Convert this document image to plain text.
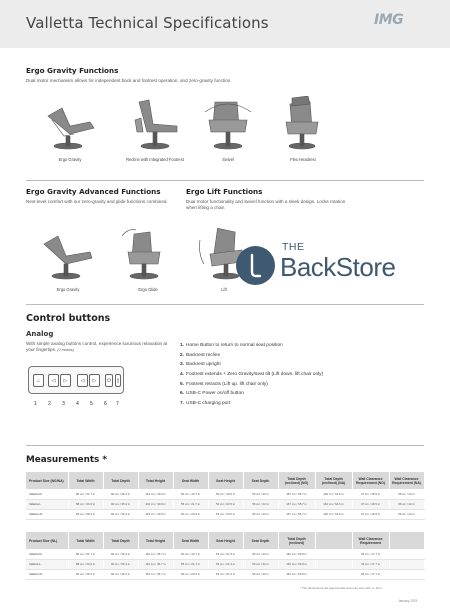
Valletta Technical Specifications	IMG
Ergo Gravity Functions
Dual motor mechanism allows for independent back and footrest operation, and zero-gravity function.
Ergo Gravity	Recline with Integrated Footrest	Swivel	Flex Headrest
Ergo Gravity Advanced Functions
Next-level comfort with our zero-gravity and glide functions combined.
Ergo Gravity	Ergo Glide
Ergo Lift Functions
Dual motor functionality and swivel function with a sleek design. Locks rotation when lifting a chair.
Lift
THE
BackStore
Control buttons
Analog
With simple analog buttons control, experience luxurious relaxation at your fingertips. (2 motors)
⌂	◁	▷	◁	▷	⏻	▯
1 2 3 4 5 6 7
1. Home Button to return to normal seat position
2. Backrest recline
3. Backrest upright
4. Footrest extends + Zero Gravity/seat tilt (Lift down. lift chair only)
5. Footrest retracts (Lift up. lift chair only)
6. USB-C Power on/off button
7. USB-C charging port
Measurements *
Product Size (NG/NA)	Total Width	Total Depth	Total Height	Seat Width	Seat Height	Seat Depth	Total Depth (reclined) (NG)	Total Depth (reclined) (NA)	Wall Clearance Requirement (NG)	Wall Clearance Requirement (NA)
Valletta M	80 cm / 31.7 in	90 cm / 35.4 in	104 cm / 40.9 in	50 cm / 19.7 in	50 cm / 19.5 in	56 cm / 22 in	167 cm / 65.7 in	164 cm / 64.6 in	47 cm / 18.5 in	56 cm / 22 in
Valletta L	88 cm / 34.6 in	90 cm / 35.4 in	104 cm / 40.9 in	55 cm / 21.7 in	52 cm / 20.5 in	56 cm / 22 in	167 cm / 65.7 in	164 cm / 64.6 in	47 cm / 18.5 in	56 cm / 22 in
Valletta XL	93 cm / 36.6 in	90 cm / 35.4 in	104 cm / 40.9 in	60 cm / 23.6 in	52 cm / 20.5 in	56 cm / 22 in	167 cm / 65.7 in	164 cm / 64.6 in	47 cm / 18.5 in	56 cm / 22 in
Product Size (NL)	Total Width	Total Depth	Total Height	Seat Width	Seat Height	Seat Depth	Total Depth (reclined)		Wall Clearance Requirement	
Valletta M	80 cm / 31.7 in	90 cm / 35.4 in	116 cm / 45.7 in	50 cm / 19.7 in	54 cm / 21.3 in	56 cm / 22 in	162 cm / 63.8 in		45 cm / 17.7 in	
Valletta L	88 cm / 34.6 in	90 cm / 35.4 in	116 cm / 45.7 in	55 cm / 21.7 in	54 cm / 21.3 in	56 cm / 22 in	162 cm / 63.8 in		45 cm / 17.7 in	
Valletta XL	93 cm / 36.6 in	90 cm / 35.4 in	116 cm / 45.7 in	60 cm / 23.6 in	54 cm / 21.3 in	56 cm / 22 in	162 cm / 63.8 in		45 cm / 17.7 in	
* The dimensions are approximate and may vary with +/- 5cm
January 2023
